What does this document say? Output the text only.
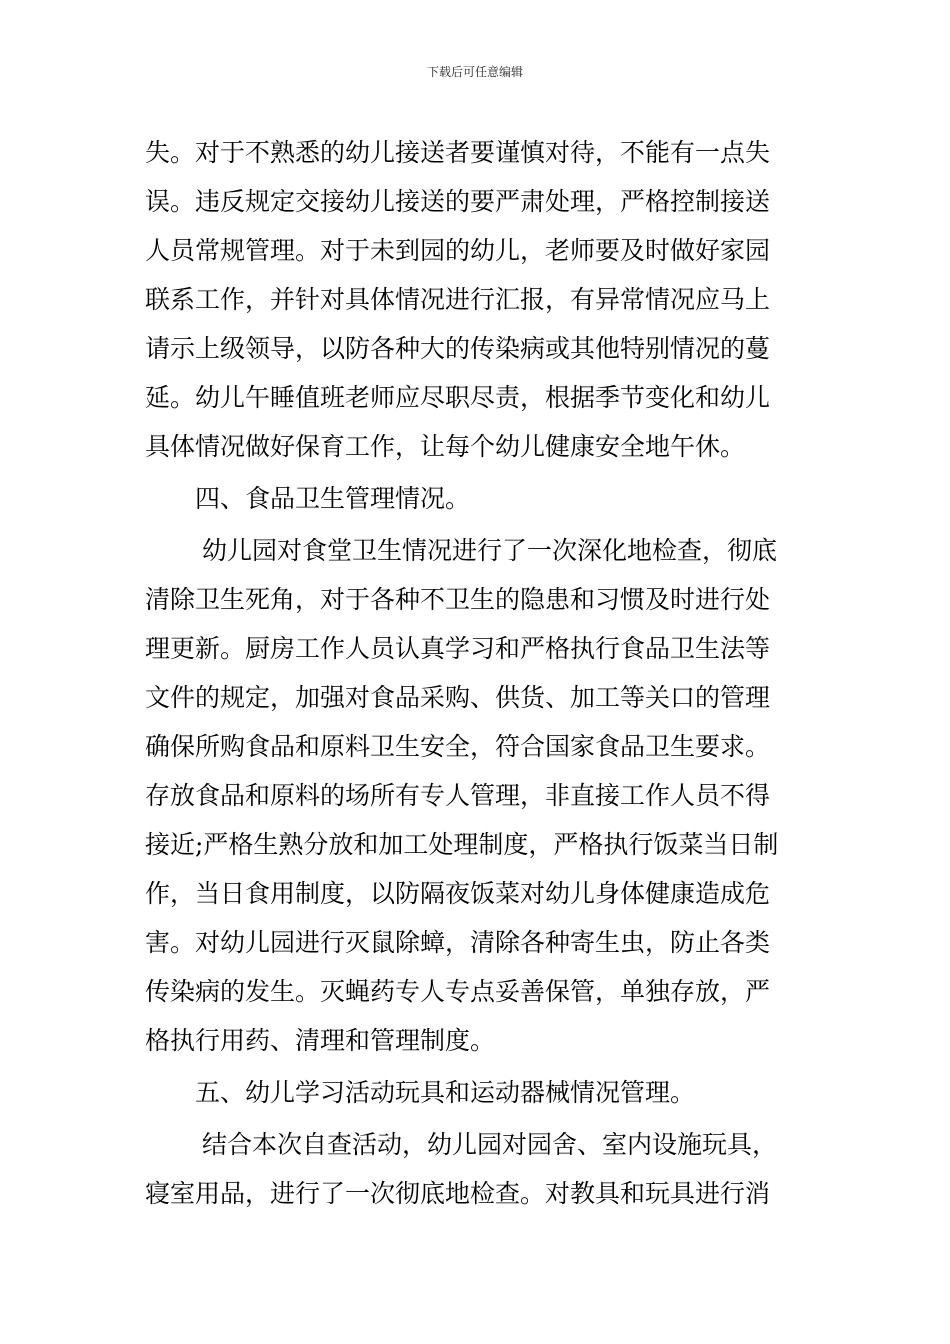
下载后可任意编辑
失。对于不熟悉的幼儿接送者要谨慎对待，不能有一点失
误。违反规定交接幼儿接送的要严肃处理，严格控制接送
人员常规管理。对于未到园的幼儿，老师要及时做好家园
联系工作，并针对具体情况进行汇报，有异常情况应马上
请示上级领导，以防各种大的传染病或其他特别情况的蔓
延。幼儿午睡值班老师应尽职尽责，根据季节变化和幼儿
具体情况做好保育工作，让每个幼儿健康安全地午休。
四、食品卫生管理情况。
幼儿园对食堂卫生情况进行了一次深化地检查，彻底
清除卫生死角，对于各种不卫生的隐患和习惯及时进行处
理更新。厨房工作人员认真学习和严格执行食品卫生法等
文件的规定，加强对食品采购、供货、加工等关口的管理
确保所购食品和原料卫生安全，符合国家食品卫生要求。
存放食品和原料的场所有专人管理，非直接工作人员不得
接近;严格生熟分放和加工处理制度，严格执行饭菜当日制
作，当日食用制度，以防隔夜饭菜对幼儿身体健康造成危
害。对幼儿园进行灭鼠除蟑，清除各种寄生虫，防止各类
传染病的发生。灭蝇药专人专点妥善保管，单独存放，严
格执行用药、清理和管理制度。
五、幼儿学习活动玩具和运动器械情况管理。
结合本次自查活动，幼儿园对园舍、室内设施玩具，
寝室用品，进行了一次彻底地检查。对教具和玩具进行消
